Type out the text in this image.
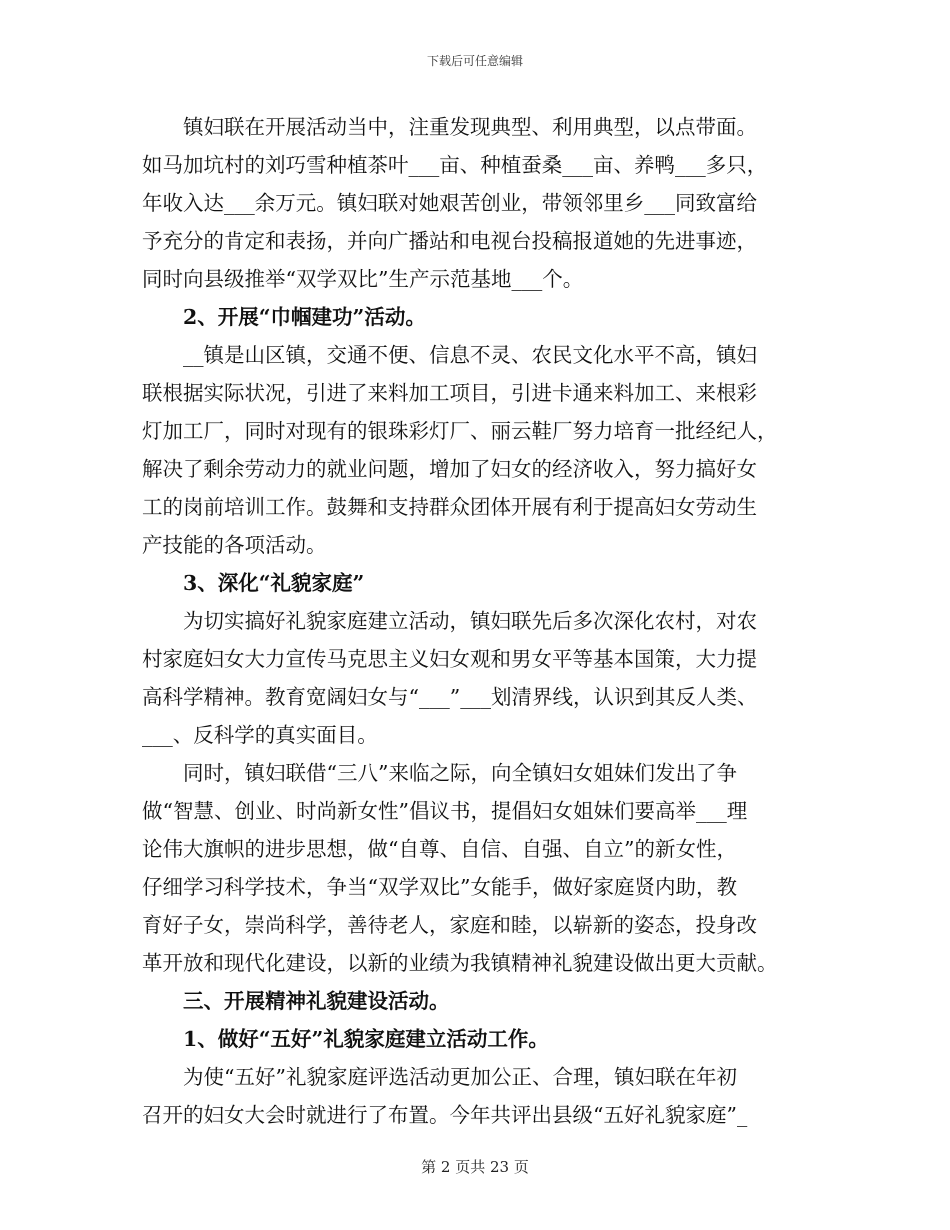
下载后可任意编辑
　　镇妇联在开展活动当中，注重发现典型、利用典型，以点带面。
如马加坑村的刘巧雪种植茶叶___亩、种植蚕桑___亩、养鸭___多只，
年收入达___余万元。镇妇联对她艰苦创业，带领邻里乡___同致富给
予充分的肯定和表扬，并向广播站和电视台投稿报道她的先进事迹，
同时向县级推举“双学双比”生产示范基地___个。
　　2、开展“巾帼建功”活动。
　　__镇是山区镇，交通不便、信息不灵、农民文化水平不高，镇妇
联根据实际状况，引进了来料加工项目，引进卡通来料加工、来根彩
灯加工厂，同时对现有的银珠彩灯厂、丽云鞋厂努力培育一批经纪人，
解决了剩余劳动力的就业问题，增加了妇女的经济收入，努力搞好女
工的岗前培训工作。鼓舞和支持群众团体开展有利于提高妇女劳动生
产技能的各项活动。
　　3、深化“礼貌家庭”
　　为切实搞好礼貌家庭建立活动，镇妇联先后多次深化农村，对农
村家庭妇女大力宣传马克思主义妇女观和男女平等基本国策，大力提
高科学精神。教育宽阔妇女与“___”___划清界线，认识到其反人类、
___、反科学的真实面目。
　　同时，镇妇联借“三八”来临之际，向全镇妇女姐妹们发出了争
做“智慧、创业、时尚新女性”倡议书，提倡妇女姐妹们要高举___理
论伟大旗帜的进步思想，做“自尊、自信、自强、自立”的新女性，
仔细学习科学技术，争当“双学双比”女能手，做好家庭贤内助，教
育好子女，崇尚科学，善待老人，家庭和睦，以崭新的姿态，投身改
革开放和现代化建设，以新的业绩为我镇精神礼貌建设做出更大贡献。
　　三、开展精神礼貌建设活动。
　　1、做好“五好”礼貌家庭建立活动工作。
　　为使“五好”礼貌家庭评选活动更加公正、合理，镇妇联在年初
召开的妇女大会时就进行了布置。今年共评出县级“五好礼貌家庭”_
第 2 页共 23 页
